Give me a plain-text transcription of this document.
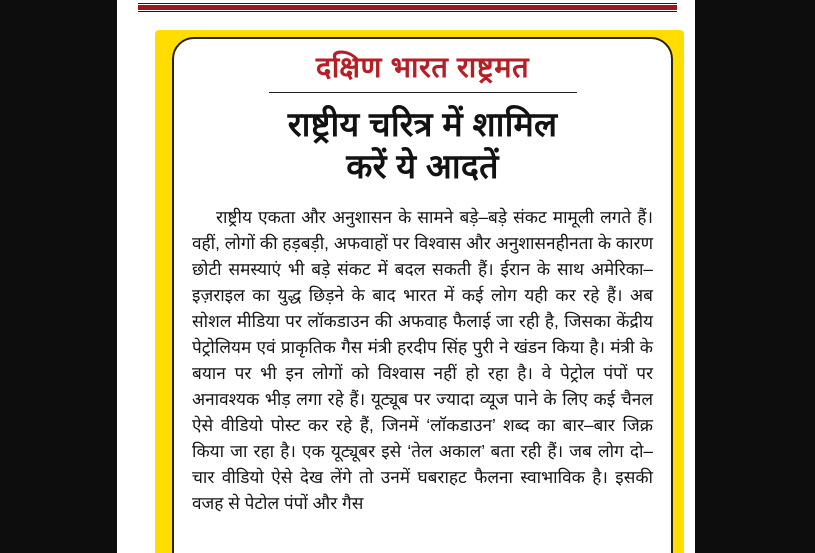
दक्षिण भारत राष्ट्रमत
राष्ट्रीय चरित्र में शामिल
करें ये आदतें

राष्ट्रीय एकता और अनुशासन के सामने बड़े–बड़े संकट मामूली लगते हैं। वहीं, लोगों की हड़बड़ी, अफवाहों पर विश्वास और अनुशासनहीनता के कारण छोटी समस्याएं भी बड़े संकट में बदल सकती हैं। ईरान के साथ अमेरिका–इज़राइल का युद्ध छिड़ने के बाद भारत में कई लोग यही कर रहे हैं। अब सोशल मीडिया पर लॉकडाउन की अफवाह फैलाई जा रही है, जिसका केंद्रीय पेट्रोलियम एवं प्राकृतिक गैस मंत्री हरदीप सिंह पुरी ने खंडन किया है। मंत्री के बयान पर भी इन लोगों को विश्वास नहीं हो रहा है। वे पेट्रोल पंपों पर अनावश्यक भीड़ लगा रहे हैं। यूट्यूब पर ज्यादा व्यूज पाने के लिए कई चैनल ऐसे वीडियो पोस्ट कर रहे हैं, जिनमें ‘लॉकडाउन’ शब्द का बार–बार जिक्र किया जा रहा है। एक यूट्यूबर इसे ‘तेल अकाल’ बता रही हैं। जब लोग दो–चार वीडियो ऐसे देख लेंगे तो उनमें घबराहट फैलना स्वाभाविक है। इसकी वजह से पेटोल पंपों और गैस
